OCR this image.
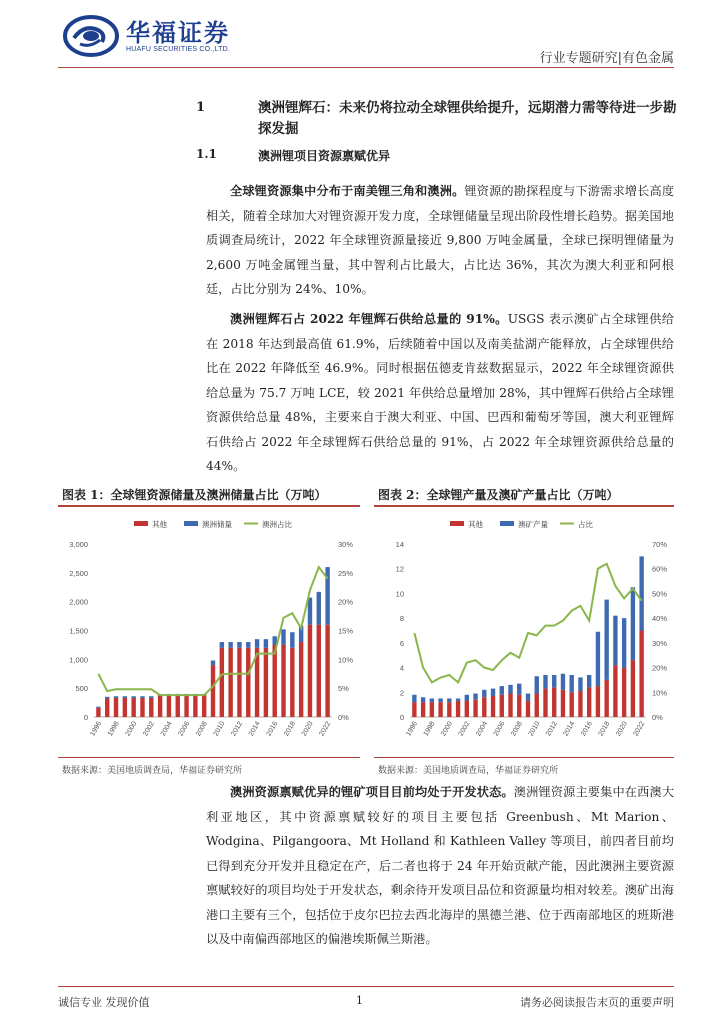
华福证券
HUAFU SECURITIES CO.,LTD.
行业专题研究|有色金属
1	澳洲锂辉石：未来仍将拉动全球锂供给提升，远期潜力需等待进一步勘探发掘
1.1	澳洲锂项目资源禀赋优异
全球锂资源集中分布于南美锂三角和澳洲。锂资源的勘探程度与下游需求增长高度相关，随着全球加大对锂资源开发力度，全球锂储量呈现出阶段性增长趋势。据美国地质调查局统计，2022 年全球锂资源量接近 9,800 万吨金属量，全球已探明锂储量为 2,600 万吨金属锂当量，其中智利占比最大，占比达 36%，其次为澳大利亚和阿根廷，占比分别为 24%、10%。
澳洲锂辉石占 2022 年锂辉石供给总量的 91%。USGS 表示澳矿占全球锂供给在 2018 年达到最高值 61.9%，后续随着中国以及南美盐湖产能释放，占全球锂供给比在 2022 年降低至 46.9%。同时根据伍德麦肯兹数据显示，2022 年全球锂资源供给总量为 75.7 万吨 LCE，较 2021 年供给总量增加 28%，其中锂辉石供给占全球锂资源供给总量 48%，主要来自于澳大利亚、中国、巴西和葡萄牙等国，澳大利亚锂辉石供给占 2022 年全球锂辉石供给总量的 91%，占 2022 年全球锂资源供给总量的 44%。
图表 1：全球锂资源储量及澳洲储量占比（万吨）	图表 2：全球锂产量及澳矿产量占比（万吨）
其他	澳洲储量	澳洲占比
0
500
1,000
1,500
2,000
2,500
3,000
0%
5%
10%
15%
20%
25%
30%
1996 1998 2000 2002 2004 2006 2008 2010 2012 2014 2016 2018 2020 2022
其他	澳矿产量	占比
0
2
4
6
8
10
12
14
0%
10%
20%
30%
40%
50%
60%
70%
1996 1998 2000 2002 2004 2006 2008 2010 2012 2014 2016 2018 2020 2022
数据来源：美国地质调查局，华福证券研究所	数据来源：美国地质调查局，华福证券研究所
澳洲资源禀赋优异的锂矿项目目前均处于开发状态。澳洲锂资源主要集中在西澳大利亚地区，其中资源禀赋较好的项目主要包括 Greenbush、Mt Marion、Wodgina、Pilgangoora、Mt Holland 和 Kathleen Valley 等项目，前四者目前均已得到充分开发并且稳定在产，后二者也将于 24 年开始贡献产能，因此澳洲主要资源禀赋较好的项目均处于开发状态，剩余待开发项目品位和资源量均相对较差。澳矿出海港口主要有三个，包括位于皮尔巴拉去西北海岸的黑德兰港、位于西南部地区的班斯港以及中南偏西部地区的偏港埃斯佩兰斯港。
诚信专业 发现价值	1	请务必阅读报告末页的重要声明
